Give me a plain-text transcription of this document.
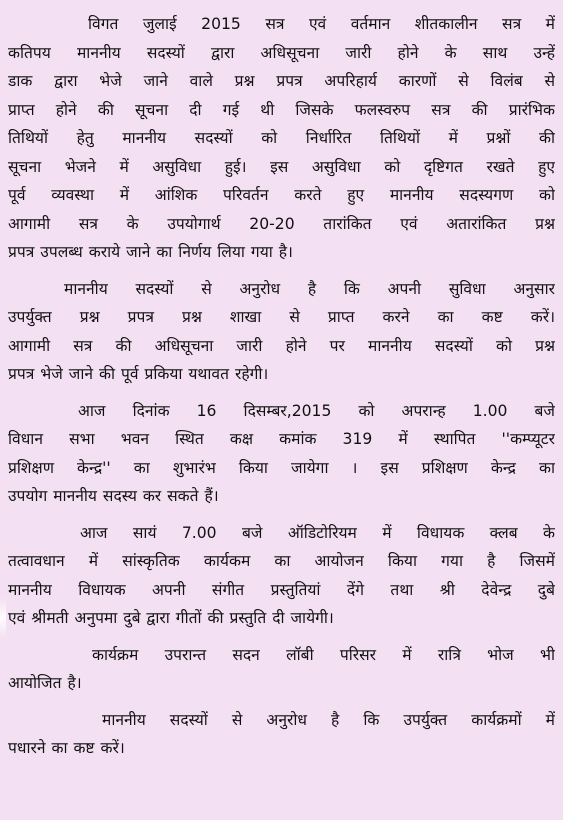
विगत जुलाई 2015 सत्र एवं वर्तमान शीतकालीन सत्र में
कतिपय माननीय सदस्यों द्वारा अधिसूचना जारी होने के साथ उन्हें
डाक द्वारा भेजे जाने वाले प्रश्न प्रपत्र अपरिहार्य कारणों से विलंब से
प्राप्त होने की सूचना दी गई थी जिसके फलस्वरुप सत्र की प्रारंभिक
तिथियों हेतु माननीय सदस्यों को निर्धारित तिथियों में प्रश्नों की
सूचना भेजने में असुविधा हुई। इस असुविधा को दृष्टिगत रखते हुए
पूर्व व्यवस्था में आंशिक परिवर्तन करते हुए माननीय सदस्यगण को
आगामी सत्र के उपयोगार्थ 20-20 तारांकित एवं अतारांकित प्रश्न
प्रपत्र उपलब्ध कराये जाने का निर्णय लिया गया है।

माननीय सदस्यों से अनुरोध है कि अपनी सुविधा अनुसार
उपर्युक्त प्रश्न प्रपत्र प्रश्न शाखा से प्राप्त करने का कष्ट करें।
आगामी सत्र की अधिसूचना जारी होने पर माननीय सदस्यों को प्रश्न
प्रपत्र भेजे जाने की पूर्व प्रकिया यथावत रहेगी।

आज दिनांक 16 दिसम्बर,2015 को अपरान्ह 1.00 बजे
विधान सभा भवन स्थित कक्ष कमांक 319 में स्थापित ''कम्प्यूटर
प्रशिक्षण केन्द्र'' का शुभारंभ किया जायेगा । इस प्रशिक्षण केन्द्र का
उपयोग माननीय सदस्य कर सकते हैं।

आज सायं 7.00 बजे ऑडिटोरियम में विधायक क्लब के
तत्वावधान में सांस्कृतिक कार्यकम का आयोजन किया गया है जिसमें
माननीय विधायक अपनी संगीत प्रस्तुतियां देंगे तथा श्री देवेन्द्र दुबे
एवं श्रीमती अनुपमा दुबे द्वारा गीतों की प्रस्तुति दी जायेगी।

कार्यक्रम उपरान्त सदन लॉबी परिसर में रात्रि भोज भी
आयोजित है।

माननीय सदस्यों से अनुरोध है कि उपर्युक्त कार्यक्रमों में
पधारने का कष्ट करें।
